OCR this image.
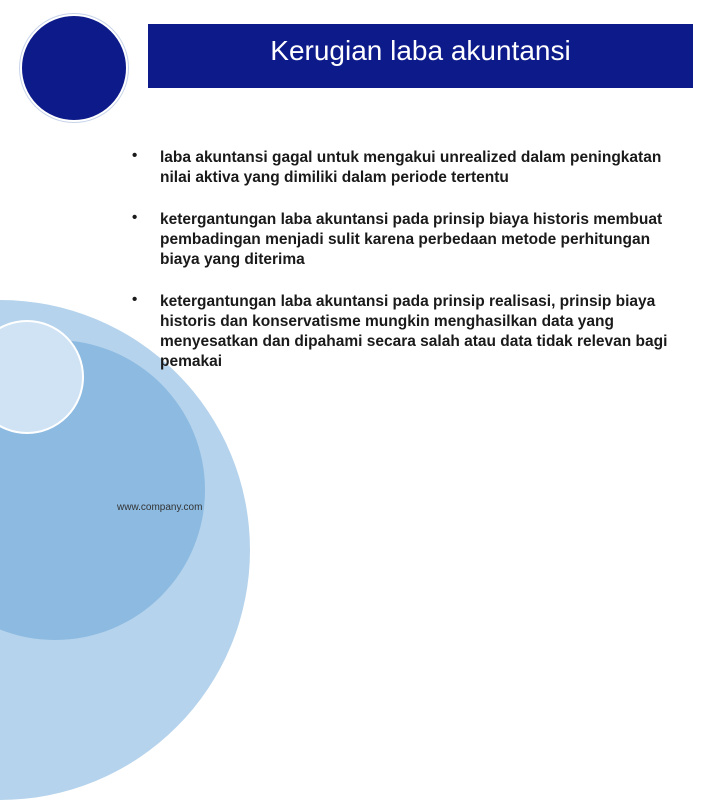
Kerugian laba akuntansi
• laba akuntansi gagal untuk mengakui unrealized dalam peningkatan nilai aktiva yang dimiliki dalam periode tertentu
• ketergantungan laba akuntansi pada prinsip biaya historis membuat pembadingan menjadi sulit karena perbedaan metode perhitungan biaya yang diterima
• ketergantungan laba akuntansi pada prinsip realisasi, prinsip biaya historis dan konservatisme mungkin menghasilkan data yang menyesatkan dan dipahami secara salah atau data tidak relevan bagi pemakai
www.company.com
